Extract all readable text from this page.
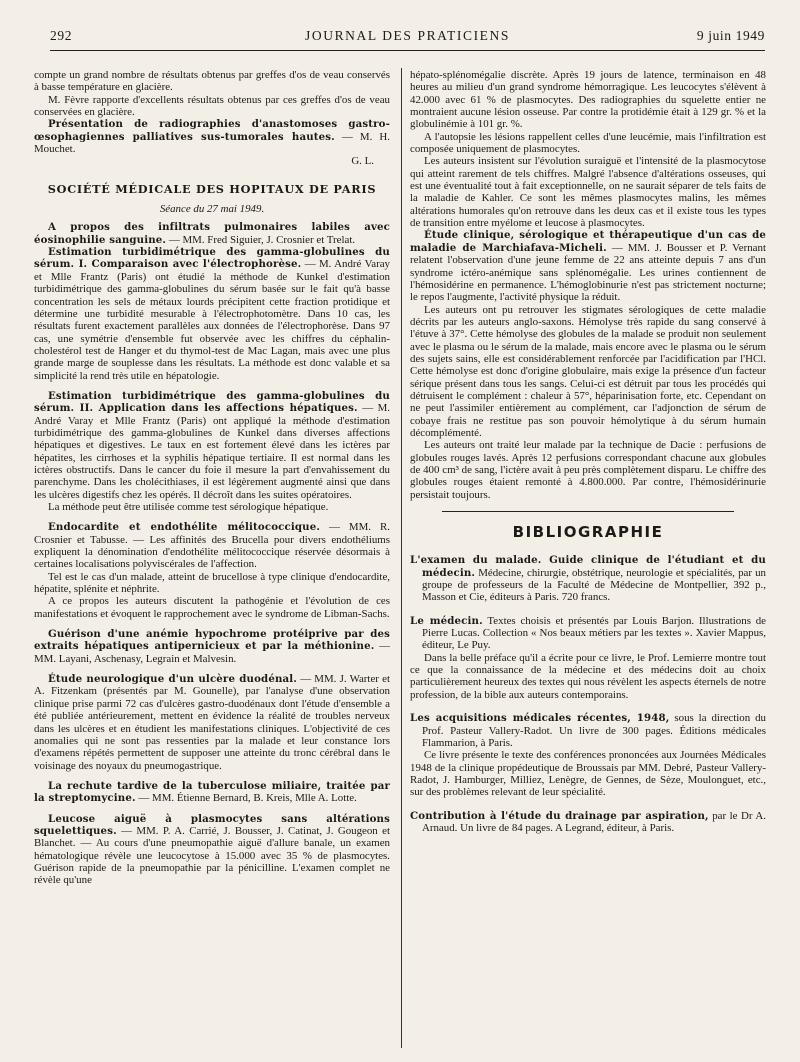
292	JOURNAL DES PRATICIENS	9 juin 1949

compte un grand nombre de résultats obtenus par greffes d'os de veau conservés à basse température en glacière.

M. Fèvre rapporte d'excellents résultats obtenus par ces greffes d'os de veau conservées en glacière.

Présentation de radiographies d'anastomoses gastro-œsophagiennes palliatives sus-tumorales hautes. — M. H. Mouchet.

G. L.

SOCIÉTÉ MÉDICALE DES HOPITAUX DE PARIS

Séance du 27 mai 1949.

A propos des infiltrats pulmonaires labiles avec éosinophilie sanguine. — MM. Fred Siguier, J. Crosnier et Trelat.

Estimation turbidimétrique des gamma-globulines du sérum. I. Comparaison avec l'électrophorèse. — M. André Varay et Mlle Frantz (Paris) ont étudié la méthode de Kunkel d'estimation turbidimétrique des gamma-globulines du sérum basée sur le fait qu'à basse concentration les sels de métaux lourds précipitent cette fraction protidique et détermine une turbidité mesurable à l'électrophotomètre. Dans 10 cas, les résultats furent exactement parallèles aux données de l'électrophorèse. Dans 97 cas, une symétrie d'ensemble fut observée avec les chiffres du céphalin-cholestérol test de Hanger et du thymol-test de Mac Lagan, mais avec une plus grande marge de souplesse dans les résultats. La méthode est donc valable et sa simplicité la rend très utile en hépatologie.

Estimation turbidimétrique des gamma-globulines du sérum. II. Application dans les affections hépatiques. — M. André Varay et Mlle Frantz (Paris) ont appliqué la méthode d'estimation turbidimétrique des gamma-globulines de Kunkel dans diverses affections hépatiques et digestives. Le taux en est fortement élevé dans les ictères par hépatites, les cirrhoses et la syphilis hépatique tertiaire. Il est normal dans les ictères obstructifs. Dans le cancer du foie il mesure la part d'envahissement du parenchyme. Dans les cholécithiases, il est légèrement augmenté ainsi que dans les ulcères digestifs chez les opérés. Il décroît dans les suites opératoires.

La méthode peut être utilisée comme test sérologique hépatique.

Endocardite et endothélite mélitococcique. — MM. R. Crosnier et Tabusse. — Les affinités des Brucella pour divers endothéliums expliquent la dénomination d'endothélite mélitococcique réservée désormais à certaines localisations polyviscérales de l'affection.

Tel est le cas d'un malade, atteint de brucellose à type clinique d'endocardite, hépatite, splénite et néphrite.

A ce propos les auteurs discutent la pathogénie et l'évolution de ces manifestations et évoquent le rapprochement avec le syndrome de Libman-Sachs.

Guérison d'une anémie hypochrome protéiprive par des extraits hépatiques antipernicieux et par la méthionine. — MM. Layani, Aschenasy, Legrain et Malvesin.

Étude neurologique d'un ulcère duodénal. — MM. J. Warter et A. Fitzenkam (présentés par M. Gounelle), par l'analyse d'une observation clinique prise parmi 72 cas d'ulcères gastro-duodénaux dont l'étude d'ensemble a été publiée antérieurement, mettent en évidence la réalité de troubles nerveux dans les ulcères et en étudient les manifestations cliniques. L'objectivité de ces anomalies qui ne sont pas ressenties par la malade et leur constance lors d'examens répétés permettent de supposer une atteinte du tronc cérébral dans le voisinage des noyaux du pneumogastrique.

La rechute tardive de la tuberculose miliaire, traitée par la streptomycine. — MM. Étienne Bernard, B. Kreis, Mlle A. Lotte.

Leucose aiguë à plasmocytes sans altérations squelettiques. — MM. P. A. Carrié, J. Bousser, J. Catinat, J. Gougeon et Blanchet. — Au cours d'une pneumopathie aiguë d'allure banale, un examen hématologique révèle une leucocytose à 15.000 avec 35 % de plasmocytes. Guérison rapide de la pneumopathie par la pénicilline. L'examen complet ne révèle qu'une

hépato-splénomégalie discrète. Après 19 jours de latence, terminaison en 48 heures au milieu d'un grand syndrome hémorragique. Les leucocytes s'élèvent à 42.000 avec 61 % de plasmocytes. Des radiographies du squelette entier ne montraient aucune lésion osseuse. Par contre la protidémie était à 129 gr. % et la globulinémie à 101 gr. %.

A l'autopsie les lésions rappellent celles d'une leucémie, mais l'infiltration est composée uniquement de plasmocytes.

Les auteurs insistent sur l'évolution suraiguë et l'intensité de la plasmocytose qui atteint rarement de tels chiffres. Malgré l'absence d'altérations osseuses, qui est une éventualité tout à fait exceptionnelle, on ne saurait séparer de tels faits de la maladie de Kahler. Ce sont les mêmes plasmocytes malins, les mêmes altérations humorales qu'on retrouve dans les deux cas et il existe tous les types de transition entre myélome et leucose à plasmocytes.

Étude clinique, sérologique et thérapeutique d'un cas de maladie de Marchiafava-Micheli. — MM. J. Bousser et P. Vernant relatent l'observation d'une jeune femme de 22 ans atteinte depuis 7 ans d'un syndrome ictéro-anémique sans splénomégalie. Les urines contiennent de l'hémosidérine en permanence. L'hémoglobinurie n'est pas strictement nocturne; le repos l'augmente, l'activité physique la réduit.

Les auteurs ont pu retrouver les stigmates sérologiques de cette maladie décrits par les auteurs anglo-saxons. Hémolyse très rapide du sang conservé à l'étuve à 37°. Cette hémolyse des globules de la malade se produit non seulement avec le plasma ou le sérum de la malade, mais encore avec le plasma ou le sérum des sujets sains, elle est considérablement renforcée par l'acidification par l'HCl. Cette hémolyse est donc d'origine globulaire, mais exige la présence d'un facteur sérique présent dans tous les sangs. Celui-ci est détruit par tous les procédés qui détruisent le complément : chaleur à 57°, héparinisation forte, etc. Cependant on ne peut l'assimiler entièrement au complément, car l'adjonction de sérum de cobaye frais ne restitue pas son pouvoir hémolytique à du sérum humain décomplémenté.

Les auteurs ont traité leur malade par la technique de Dacie : perfusions de globules rouges lavés. Après 12 perfusions correspondant chacune aux globules de 400 cm³ de sang, l'ictère avait à peu près complètement disparu. Le chiffre des globules rouges étaient remonté à 4.800.000. Par contre, l'hémosidérinurie persistait toujours.

BIBLIOGRAPHIE

L'examen du malade. Guide clinique de l'étudiant et du médecin. Médecine, chirurgie, obstétrique, neurologie et spécialités, par un groupe de professeurs de la Faculté de Médecine de Montpellier, 392 p., Masson et Cie, éditeurs à Paris. 720 francs.

Le médecin. Textes choisis et présentés par Louis Barjon. Illustrations de Pierre Lucas. Collection « Nos beaux métiers par les textes ». Xavier Mappus, éditeur, Le Puy.

Dans la belle préface qu'il a écrite pour ce livre, le Prof. Lemierre montre tout ce que la connaissance de la médecine et des médecins doit au choix particulièrement heureux des textes qui nous révèlent les aspects éternels de notre profession, de la bible aux auteurs contemporains.

Les acquisitions médicales récentes, 1948, sous la direction du Prof. Pasteur Vallery-Radot. Un livre de 300 pages. Éditions médicales Flammarion, à Paris.

Ce livre présente le texte des conférences prononcées aux Journées Médicales 1948 de la clinique propédeutique de Broussais par MM. Debré, Pasteur Vallery-Radot, J. Hamburger, Milliez, Lenègre, de Gennes, de Sèze, Moulonguet, etc., sur des problèmes relevant de leur spécialité.

Contribution à l'étude du drainage par aspiration, par le Dr A. Arnaud. Un livre de 84 pages. A Legrand, éditeur, à Paris.
